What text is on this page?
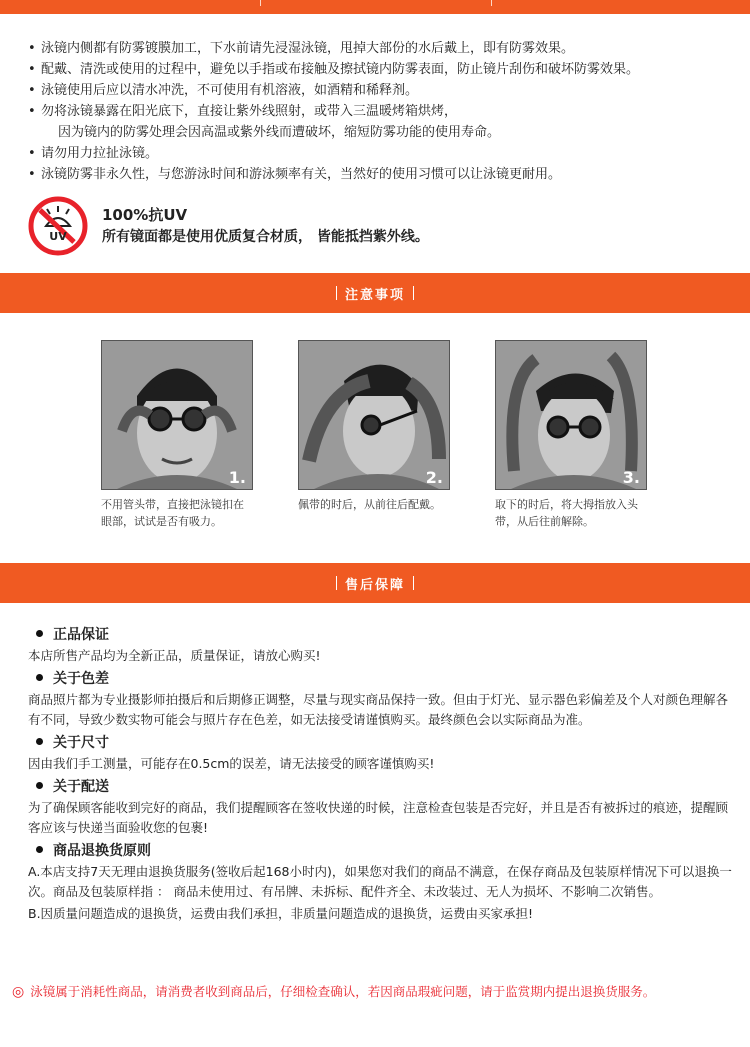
• 泳镜内侧都有防雾镀膜加工，下水前请先浸湿泳镜，甩掉大部份的水后戴上，即有防雾效果。
• 配戴、清洗或使用的过程中，避免以手指或布接触及擦拭镜内防雾表面，防止镜片刮伤和破坏防雾效果。
• 泳镜使用后应以清水冲洗，不可使用有机溶液，如酒精和稀释剂。
• 勿将泳镜暴露在阳光底下，直接让紫外线照射，或带入三温暖烤箱烘烤，
因为镜内的防雾处理会因高温或紫外线而遭破坏，缩短防雾功能的使用寿命。
• 请勿用力拉扯泳镜。
• 泳镜防雾非永久性，与您游泳时间和游泳频率有关，当然好的使用习惯可以让泳镜更耐用。
UV
100%抗UV
所有镜面都是使用优质复合材质， 皆能抵挡紫外线。
注意事项
1.
不用管头带，直接把泳镜扣在眼部，试试是否有吸力。
2.
佩带的时后，从前往后配戴。
3.
取下的时后，将大拇指放入头带，从后往前解除。
售后保障
正品保证
本店所售产品均为全新正品，质量保证，请放心购买!
关于色差
商品照片都为专业摄影师拍摄后和后期修正调整，尽量与现实商品保持一致。但由于灯光、显示器色彩偏差及个人对颜色理解各有不同，导致少数实物可能会与照片存在色差，如无法接受请谨慎购买。最终颜色会以实际商品为准。
关于尺寸
因由我们手工测量，可能存在0.5cm的误差，请无法接受的顾客谨慎购买!
关于配送
为了确保顾客能收到完好的商品，我们提醒顾客在签收快递的时候，注意检查包装是否完好，并且是否有被拆过的痕迹，提醒顾客应该与快递当面验收您的包裹!
商品退换货原则
A.本店支持7天无理由退换货服务(签收后起168小时内)，如果您对我们的商品不满意，在保存商品及包装原样情况下可以退换一次。商品及包装原样指 ： 商品未使用过、有吊牌、未拆标、配件齐全、未改装过、无人为损坏、不影响二次销售。
B.因质量问题造成的退换货，运费由我们承担，非质量问题造成的退换货，运费由买家承担!
◎ 泳镜属于消耗性商品，请消费者收到商品后，仔细检查确认，若因商品瑕疵问题，请于监赏期内提出退换货服务。
